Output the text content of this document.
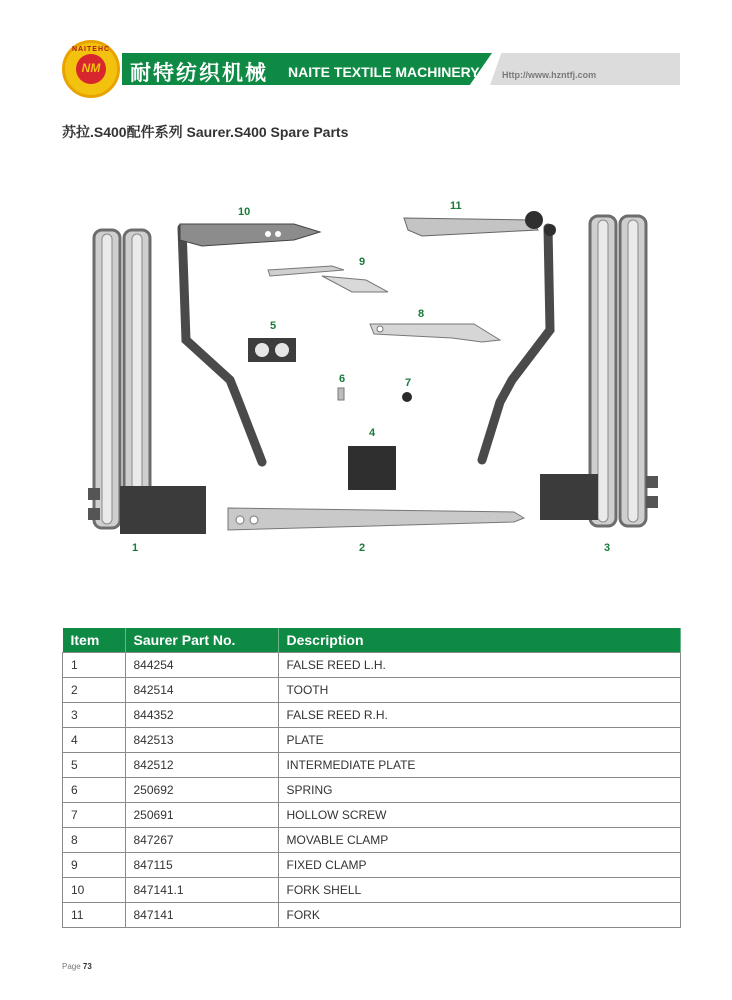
NAITEHC
NM 耐特纺织机械 NAITE TEXTILE MACHINERY Http://www.hzntfj.com
苏拉.S400配件系列 Saurer.S400 Spare Parts
10	11
9
5
8
6	7
4
1	2	3
Item	Saurer Part No.	Description
1	844254	FALSE REED L.H.
2	842514	TOOTH
3	844352	FALSE REED R.H.
4	842513	PLATE
5	842512	INTERMEDIATE PLATE
6	250692	SPRING
7	250691	HOLLOW SCREW
8	847267	MOVABLE CLAMP
9	847115	FIXED CLAMP
10	847141.1	FORK SHELL
11	847141	FORK
Page 73
